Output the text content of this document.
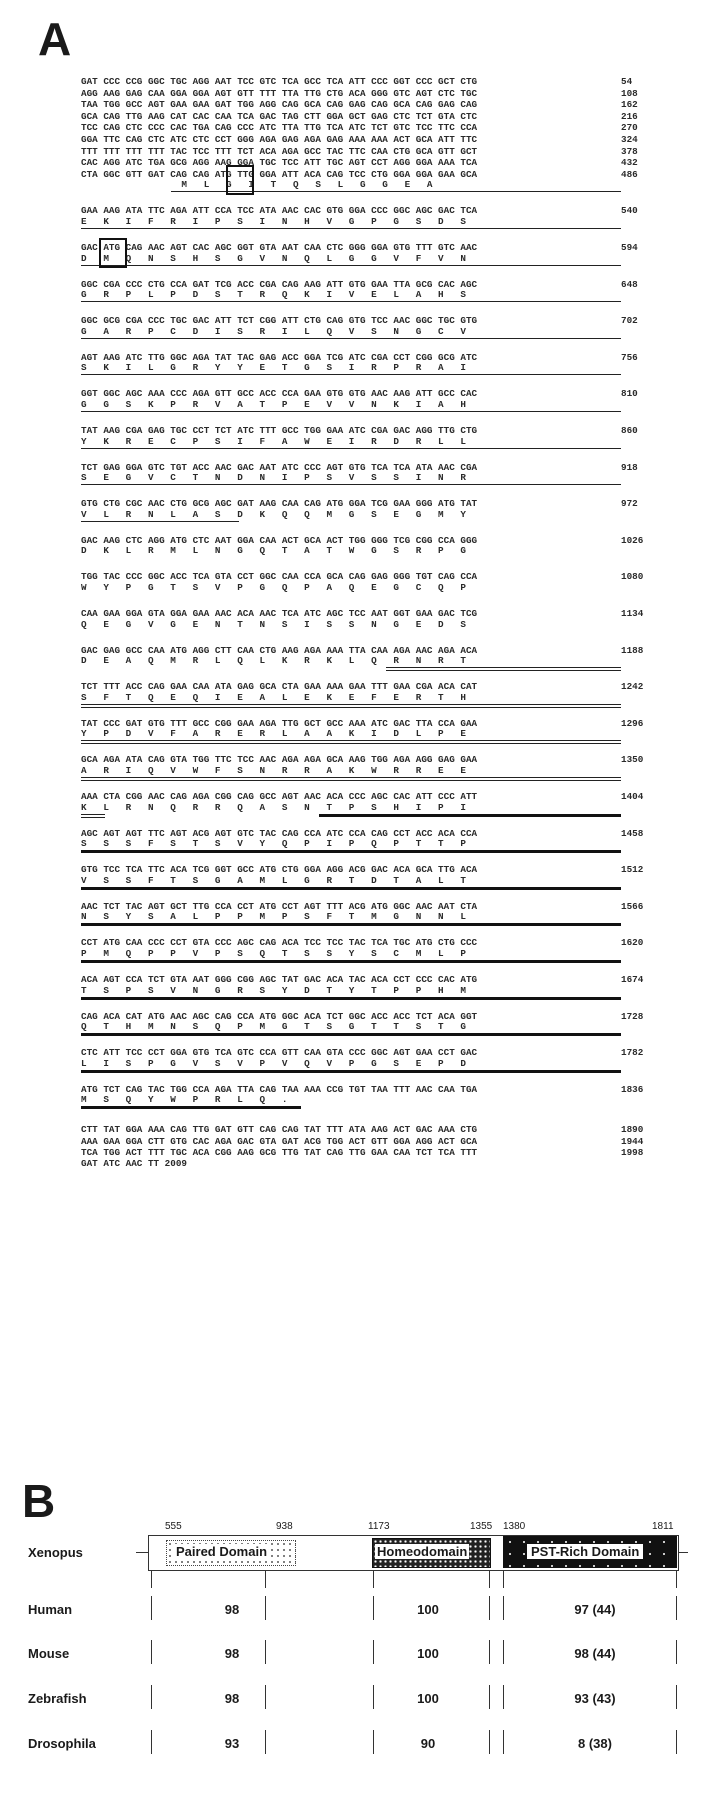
A
GAT CCC CCG GGC TGC AGG AAT TCC GTC TCA GCC TCA ATT CCC GGT CCC GCT CTG	54
AGG AAG GAG CAA GGA GGA AGT GTT TTT TTA TTG CTG ACA GGG GTC AGT CTC TGC	108
TAA TGG GCC AGT GAA GAA GAT TGG AGG CAG GCA CAG GAG CAG GCA CAG GAG CAG	162
GCA CAG TTG AAG CAT CAC CAA TCA GAC TAG CTT GGA GCT GAG CTC TCT GTA CTC	216
TCC CAG CTC CCC CAC TGA CAG CCC ATC TTA TTG TCA ATC TCT GTC TCC TTC CCA	270
GGA TTC CAG CTC ATC CTC CCT GGG AGA GAG AGA GAG AAA AAA ACT GCA ATT TTC	324
TTT TTT TTT TTT TAC TCC TTT TCT ACA AGA GCC TAC TTC CAA CTG GCA GTT GCT	378
CAC AGG ATC TGA GCG AGG AAG GGA TGC TCC ATT TGC AGT CCT AGG GGA AAA TCA	432
CTA GGC GTT GAT CAG CAG ATG TTG GGA ATT ACA CAG TCC CTG GGA GGA GAA GCA	486
M   L   G   I   T   Q   S   L   G   G   E   A
GAA AAG ATA TTC AGA ATT CCA TCC ATA AAC CAC GTG GGA CCC GGC AGC GAC TCA	540
E   K   I   F   R   I   P   S   I   N   H   V   G   P   G   S   D   S
GAC ATG CAG AAC AGT CAC AGC GGT GTA AAT CAA CTC GGG GGA GTG TTT GTC AAC	594
D   M   Q   N   S   H   S   G   V   N   Q   L   G   G   V   F   V   N
GGC CGA CCC CTG CCA GAT TCG ACC CGA CAG AAG ATT GTG GAA TTA GCG CAC AGC	648
G   R   P   L   P   D   S   T   R   Q   K   I   V   E   L   A   H   S
GGC GCG CGA CCC TGC GAC ATT TCT CGG ATT CTG CAG GTG TCC AAC GGC TGC GTG	702
G   A   R   P   C   D   I   S   R   I   L   Q   V   S   N   G   C   V
AGT AAG ATC TTG GGC AGA TAT TAC GAG ACC GGA TCG ATC CGA CCT CGG GCG ATC	756
S   K   I   L   G   R   Y   Y   E   T   G   S   I   R   P   R   A   I
GGT GGC AGC AAA CCC AGA GTT GCC ACC CCA GAA GTG GTG AAC AAG ATT GCC CAC	810
G   G   S   K   P   R   V   A   T   P   E   V   V   N   K   I   A   H
TAT AAG CGA GAG TGC CCT TCT ATC TTT GCC TGG GAA ATC CGA GAC AGG TTG CTG	860
Y   K   R   E   C   P   S   I   F   A   W   E   I   R   D   R   L   L
TCT GAG GGA GTC TGT ACC AAC GAC AAT ATC CCC AGT GTG TCA TCA ATA AAC CGA	918
S   E   G   V   C   T   N   D   N   I   P   S   V   S   S   I   N   R
GTG CTG CGC AAC CTG GCG AGC GAT AAG CAA CAG ATG GGA TCG GAA GGG ATG TAT	972
V   L   R   N   L   A   S   D   K   Q   Q   M   G   S   E   G   M   Y
GAC AAG CTC AGG ATG CTC AAT GGA CAA ACT GCA ACT TGG GGG TCG CGG CCA GGG	1026
D   K   L   R   M   L   N   G   Q   T   A   T   W   G   S   R   P   G
TGG TAC CCC GGC ACC TCA GTA CCT GGC CAA CCA GCA CAG GAG GGG TGT CAG CCA	1080
W   Y   P   G   T   S   V   P   G   Q   P   A   Q   E   G   C   Q   P
CAA GAA GGA GTA GGA GAA AAC ACA AAC TCA ATC AGC TCC AAT GGT GAA GAC TCG	1134
Q   E   G   V   G   E   N   T   N   S   I   S   S   N   G   E   D   S
GAC GAG GCC CAA ATG AGG CTT CAA CTG AAG AGA AAA TTA CAA AGA AAC AGA ACA	1188
D   E   A   Q   M   R   L   Q   L   K   R   K   L   Q   R   N   R   T
TCT TTT ACC CAG GAA CAA ATA GAG GCA CTA GAA AAA GAA TTT GAA CGA ACA CAT	1242
S   F   T   Q   E   Q   I   E   A   L   E   K   E   F   E   R   T   H
TAT CCC GAT GTG TTT GCC CGG GAA AGA TTG GCT GCC AAA ATC GAC TTA CCA GAA	1296
Y   P   D   V   F   A   R   E   R   L   A   A   K   I   D   L   P   E
GCA AGA ATA CAG GTA TGG TTC TCC AAC AGA AGA GCA AAG TGG AGA AGG GAG GAA	1350
A   R   I   Q   V   W   F   S   N   R   R   A   K   W   R   R   E   E
AAA CTA CGG AAC CAG AGA CGG CAG GCC AGT AAC ACA CCC AGC CAC ATT CCC ATT	1404
K   L   R   N   Q   R   R   Q   A   S   N   T   P   S   H   I   P   I
AGC AGT AGT TTC AGT ACG AGT GTC TAC CAG CCA ATC CCA CAG CCT ACC ACA CCA	1458
S   S   S   F   S   T   S   V   Y   Q   P   I   P   Q   P   T   T   P
GTG TCC TCA TTC ACA TCG GGT GCC ATG CTG GGA AGG ACG GAC ACA GCA TTG ACA	1512
V   S   S   F   T   S   G   A   M   L   G   R   T   D   T   A   L   T
AAC TCT TAC AGT GCT TTG CCA CCT ATG CCT AGT TTT ACG ATG GGC AAC AAT CTA	1566
N   S   Y   S   A   L   P   P   M   P   S   F   T   M   G   N   N   L
CCT ATG CAA CCC CCT GTA CCC AGC CAG ACA TCC TCC TAC TCA TGC ATG CTG CCC	1620
P   M   Q   P   P   V   P   S   Q   T   S   S   Y   S   C   M   L   P
ACA AGT CCA TCT GTA AAT GGG CGG AGC TAT GAC ACA TAC ACA CCT CCC CAC ATG	1674
T   S   P   S   V   N   G   R   S   Y   D   T   Y   T   P   P   H   M
CAG ACA CAT ATG AAC AGC CAG CCA ATG GGC ACA TCT GGC ACC ACC TCT ACA GGT	1728
Q   T   H   M   N   S   Q   P   M   G   T   S   G   T   T   S   T   G
CTC ATT TCC CCT GGA GTG TCA GTC CCA GTT CAA GTA CCC GGC AGT GAA CCT GAC	1782
L   I   S   P   G   V   S   V   P   V   Q   V   P   G   S   E   P   D
ATG TCT CAG TAC TGG CCA AGA TTA CAG TAA AAA CCG TGT TAA TTT AAC CAA TGA	1836
M   S   Q   Y   W   P   R   L   Q   .
CTT TAT GGA AAA CAG TTG GAT GTT CAG CAG TAT TTT ATA AAG ACT GAC AAA CTG	1890
AAA GAA GGA CTT GTG CAC AGA GAC GTA GAT ACG TGG ACT GTT GGA AGG ACT GCA	1944
TCA TGG ACT TTT TGC ACA CGG AAG GCG TTG TAT CAG TTG GAA CAA TCT TCA TTT	1998
GAT ATC AAC TT 2009
B	555	938	1173	1355 1380	1811
Xenopus	Paired Domain	Homeodomain	PST-Rich Domain
Human	98	100	97 (44)
Mouse	98	100	98 (44)
Zebrafish	98	100	93 (43)
Drosophila	93	90	8 (38)
